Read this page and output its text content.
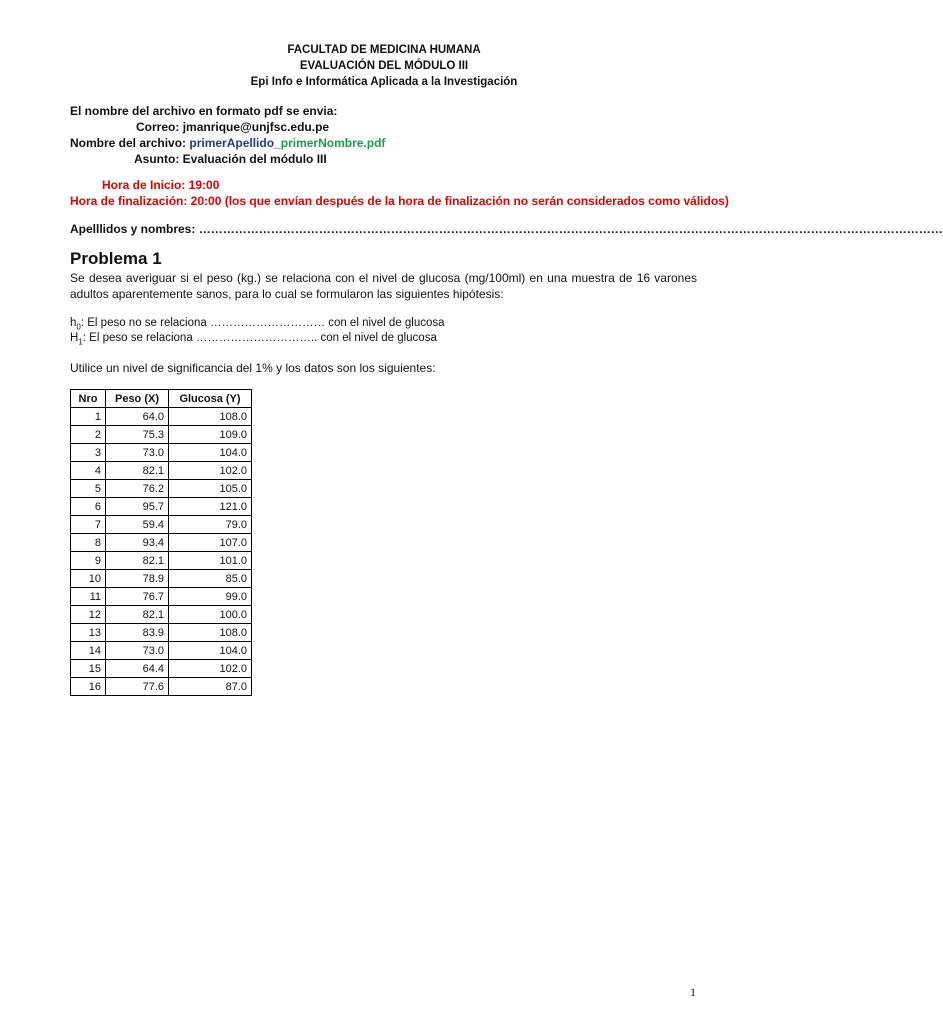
FACULTAD DE MEDICINA HUMANA
EVALUACIÓN DEL MÓDULO III
Epi Info e Informática Aplicada a la Investigación
El nombre del archivo en formato pdf se envia:
Correo: jmanrique@unjfsc.edu.pe
Nombre del archivo: primerApellido_primerNombre.pdf
Asunto: Evaluación del módulo III
Hora de Inicio: 19:00
Hora de finalización: 20:00 (los que envían después de la hora de finalización no serán considerados como válidos)
Apelllidos y nombres: ……………………………………………………………………………………………………………………………………………………………………
Problema 1
Se desea averiguar si el peso (kg.) se relaciona con el nivel de glucosa (mg/100ml) en una muestra de 16 varones adultos aparentemente sanos, para lo cual se formularon las siguientes hipótesis:
$h_0$: El peso no se relaciona ………………………… con el nivel de glucosa
$H_1$: El peso se relaciona ………………………….. con el nivel de glucosa
Utilice un nivel de significancia del 1% y los datos son los siguientes:
Nro	Peso (X)	Glucosa (Y)
1	64.0	108.0
2	75.3	109.0
3	73.0	104.0
4	82.1	102.0
5	76.2	105.0
6	95.7	121.0
7	59.4	79.0
8	93.4	107.0
9	82.1	101.0
10	78.9	85.0
11	76.7	99.0
12	82.1	100.0
13	83.9	108.0
14	73.0	104.0
15	64.4	102.0
16	77.6	87.0
1
